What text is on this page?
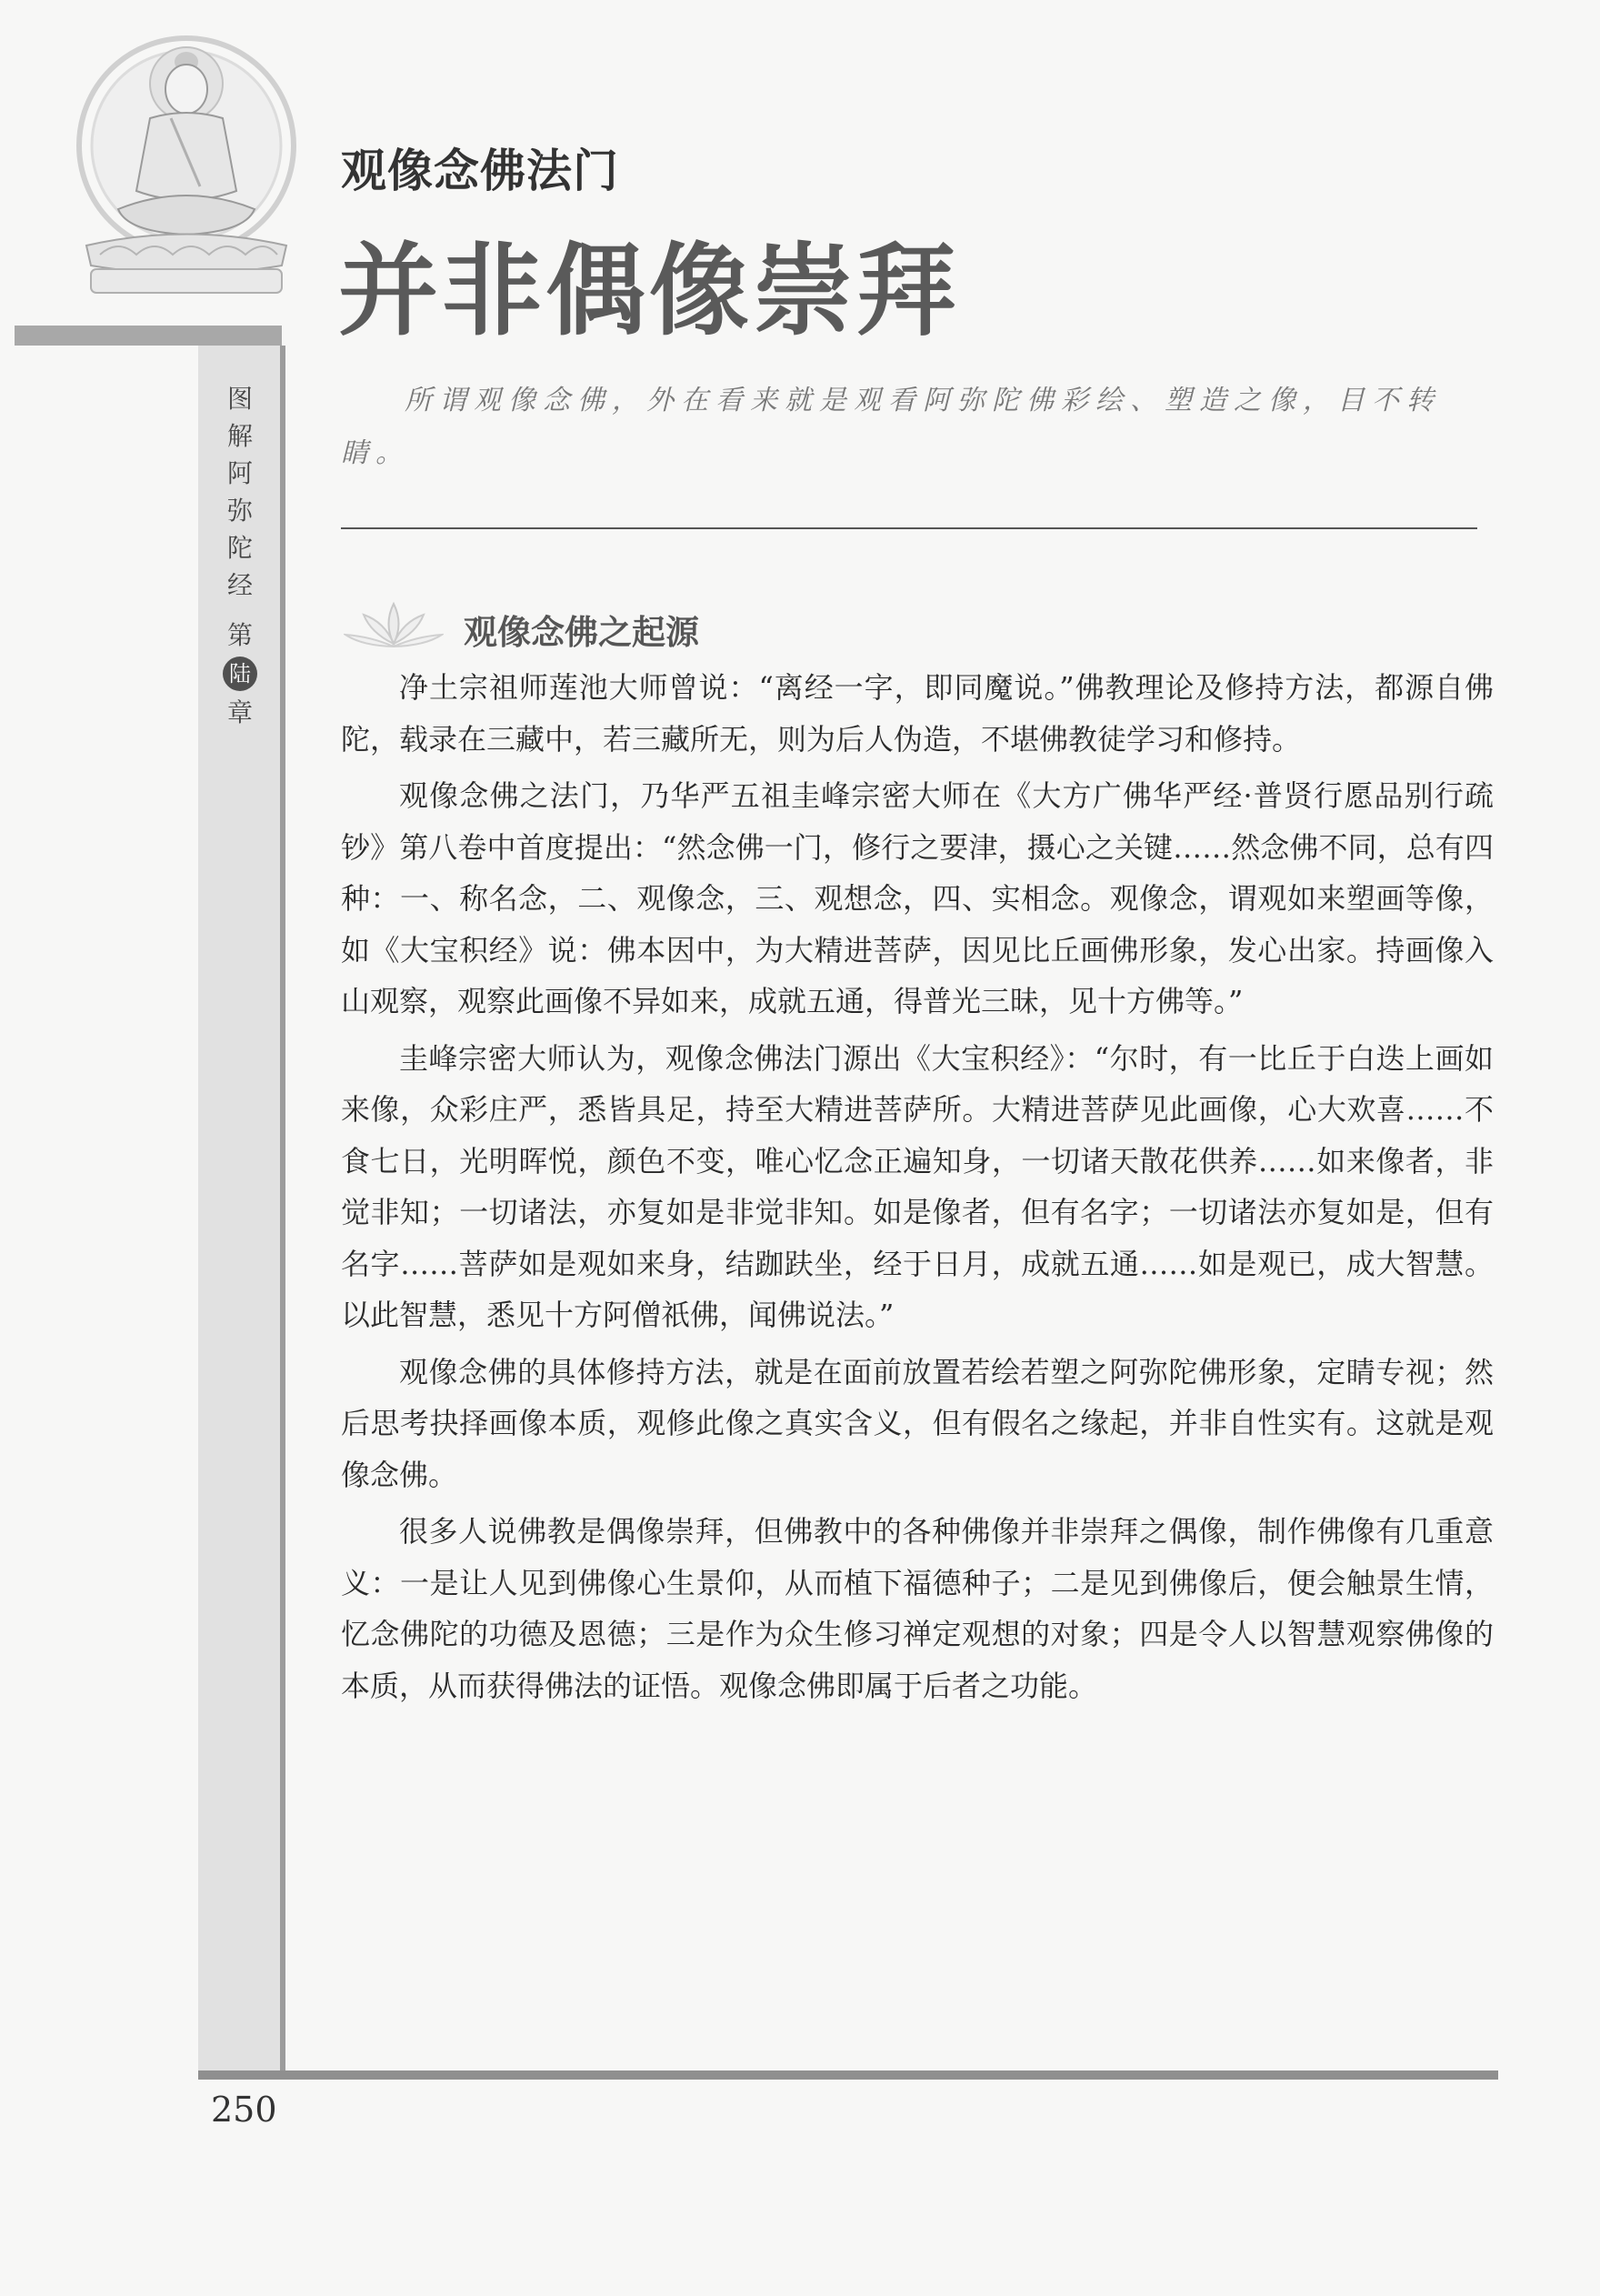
观像念佛法门
并非偶像崇拜
图
解
阿
弥
陀
经
第
陆
章

所谓观像念佛，外在看来就是观看阿弥陀佛彩绘、塑造之像，目不转睛。

观像念佛之起源

净土宗祖师莲池大师曾说：“离经一字，即同魔说。”佛教理论及修持方法，都源自佛陀，载录在三藏中，若三藏所无，则为后人伪造，不堪佛教徒学习和修持。

观像念佛之法门，乃华严五祖圭峰宗密大师在《大方广佛华严经·普贤行愿品别行疏钞》第八卷中首度提出：“然念佛一门，修行之要津，摄心之关键……然念佛不同，总有四种：一、称名念，二、观像念，三、观想念，四、实相念。观像念，谓观如来塑画等像，如《大宝积经》说：佛本因中，为大精进菩萨，因见比丘画佛形象，发心出家。持画像入山观察，观察此画像不异如来，成就五通，得普光三昧，见十方佛等。”

圭峰宗密大师认为，观像念佛法门源出《大宝积经》：“尔时，有一比丘于白迭上画如来像，众彩庄严，悉皆具足，持至大精进菩萨所。大精进菩萨见此画像，心大欢喜……不食七日，光明晖悦，颜色不变，唯心忆念正遍知身，一切诸天散花供养……如来像者，非觉非知；一切诸法，亦复如是非觉非知。如是像者，但有名字；一切诸法亦复如是，但有名字……菩萨如是观如来身，结跏趺坐，经于日月，成就五通……如是观已，成大智慧。以此智慧，悉见十方阿僧祇佛，闻佛说法。”

观像念佛的具体修持方法，就是在面前放置若绘若塑之阿弥陀佛形象，定睛专视；然后思考抉择画像本质，观修此像之真实含义，但有假名之缘起，并非自性实有。这就是观像念佛。

很多人说佛教是偶像崇拜，但佛教中的各种佛像并非崇拜之偶像，制作佛像有几重意义：一是让人见到佛像心生景仰，从而植下福德种子；二是见到佛像后，便会触景生情，忆念佛陀的功德及恩德；三是作为众生修习禅定观想的对象；四是令人以智慧观察佛像的本质，从而获得佛法的证悟。观像念佛即属于后者之功能。

250
